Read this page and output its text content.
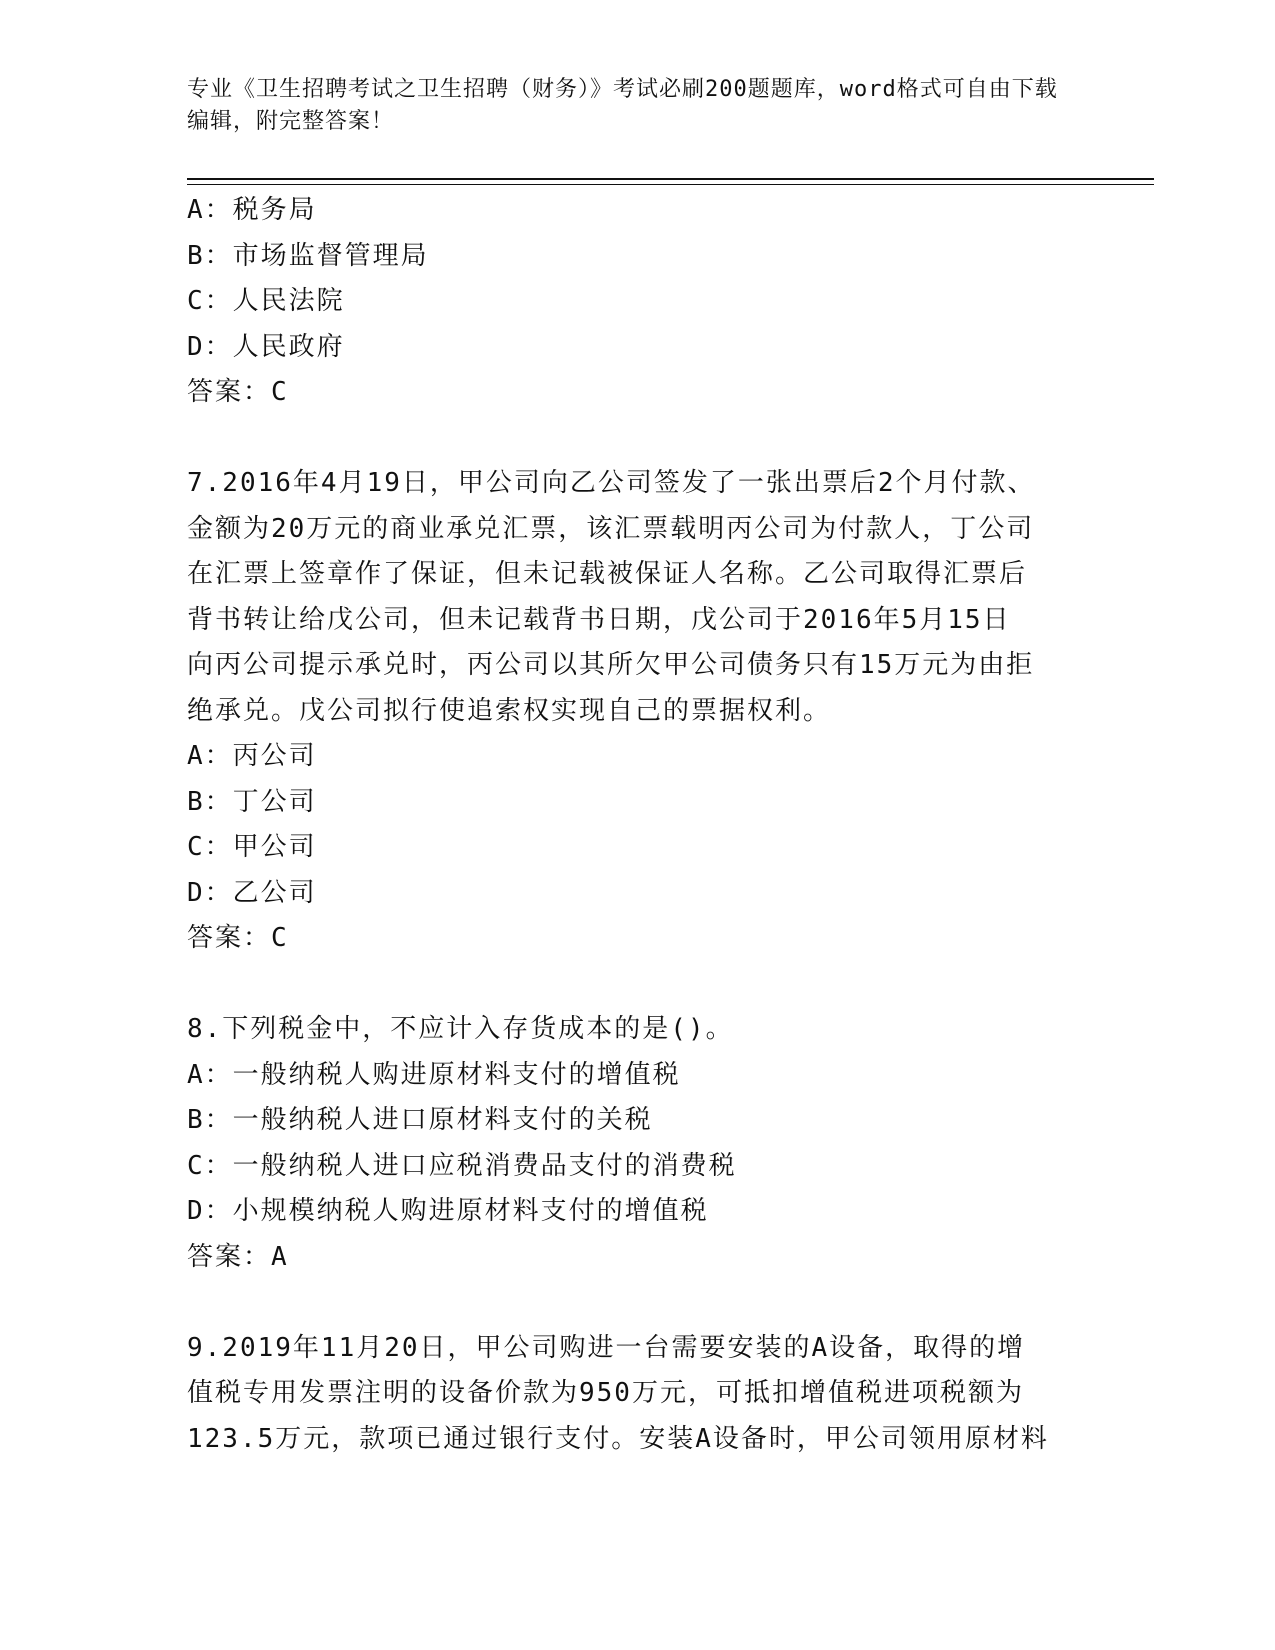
专业《卫生招聘考试之卫生招聘（财务）》考试必刷200题题库，word格式可自由下载编辑，附完整答案！
A：税务局
B：市场监督管理局
C：人民法院
D：人民政府
答案：C
7.2016年4月19日，甲公司向乙公司签发了一张出票后2个月付款、
金额为20万元的商业承兑汇票，该汇票载明丙公司为付款人，丁公司
在汇票上签章作了保证，但未记载被保证人名称。乙公司取得汇票后
背书转让给戊公司，但未记载背书日期，戊公司于2016年5月15日
向丙公司提示承兑时，丙公司以其所欠甲公司债务只有15万元为由拒
绝承兑。戊公司拟行使追索权实现自己的票据权利。
A：丙公司
B：丁公司
C：甲公司
D：乙公司
答案：C
8.下列税金中，不应计入存货成本的是()。
A：一般纳税人购进原材料支付的增值税
B：一般纳税人进口原材料支付的关税
C：一般纳税人进口应税消费品支付的消费税
D：小规模纳税人购进原材料支付的增值税
答案：A
9.2019年11月20日，甲公司购进一台需要安装的A设备，取得的增
值税专用发票注明的设备价款为950万元，可抵扣增值税进项税额为
123.5万元，款项已通过银行支付。安装A设备时，甲公司领用原材料
